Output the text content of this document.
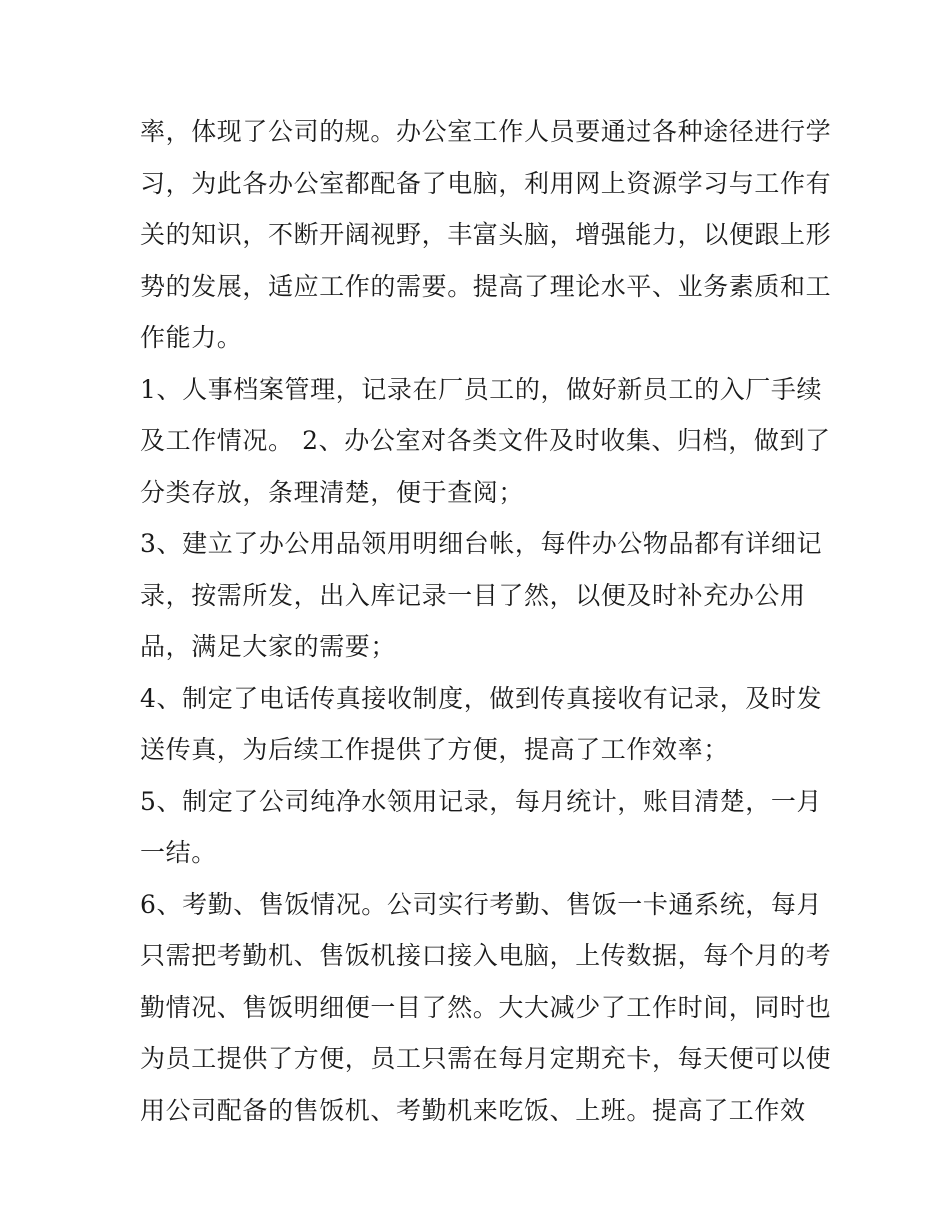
率，体现了公司的规。办公室工作人员要通过各种途径进行学
习，为此各办公室都配备了电脑，利用网上资源学习与工作有
关的知识，不断开阔视野，丰富头脑，增强能力，以便跟上形
势的发展，适应工作的需要。提高了理论水平、业务素质和工
作能力。
1、人事档案管理，记录在厂员工的，做好新员工的入厂手续
及工作情况。 2、办公室对各类文件及时收集、归档，做到了
分类存放，条理清楚，便于查阅；
3、建立了办公用品领用明细台帐，每件办公物品都有详细记
录，按需所发，出入库记录一目了然，以便及时补充办公用
品，满足大家的需要；
4、制定了电话传真接收制度，做到传真接收有记录，及时发
送传真，为后续工作提供了方便，提高了工作效率；
5、制定了公司纯净水领用记录，每月统计，账目清楚，一月
一结。
6、考勤、售饭情况。公司实行考勤、售饭一卡通系统，每月
只需把考勤机、售饭机接口接入电脑，上传数据，每个月的考
勤情况、售饭明细便一目了然。大大减少了工作时间，同时也
为员工提供了方便，员工只需在每月定期充卡，每天便可以使
用公司配备的售饭机、考勤机来吃饭、上班。提高了工作效
